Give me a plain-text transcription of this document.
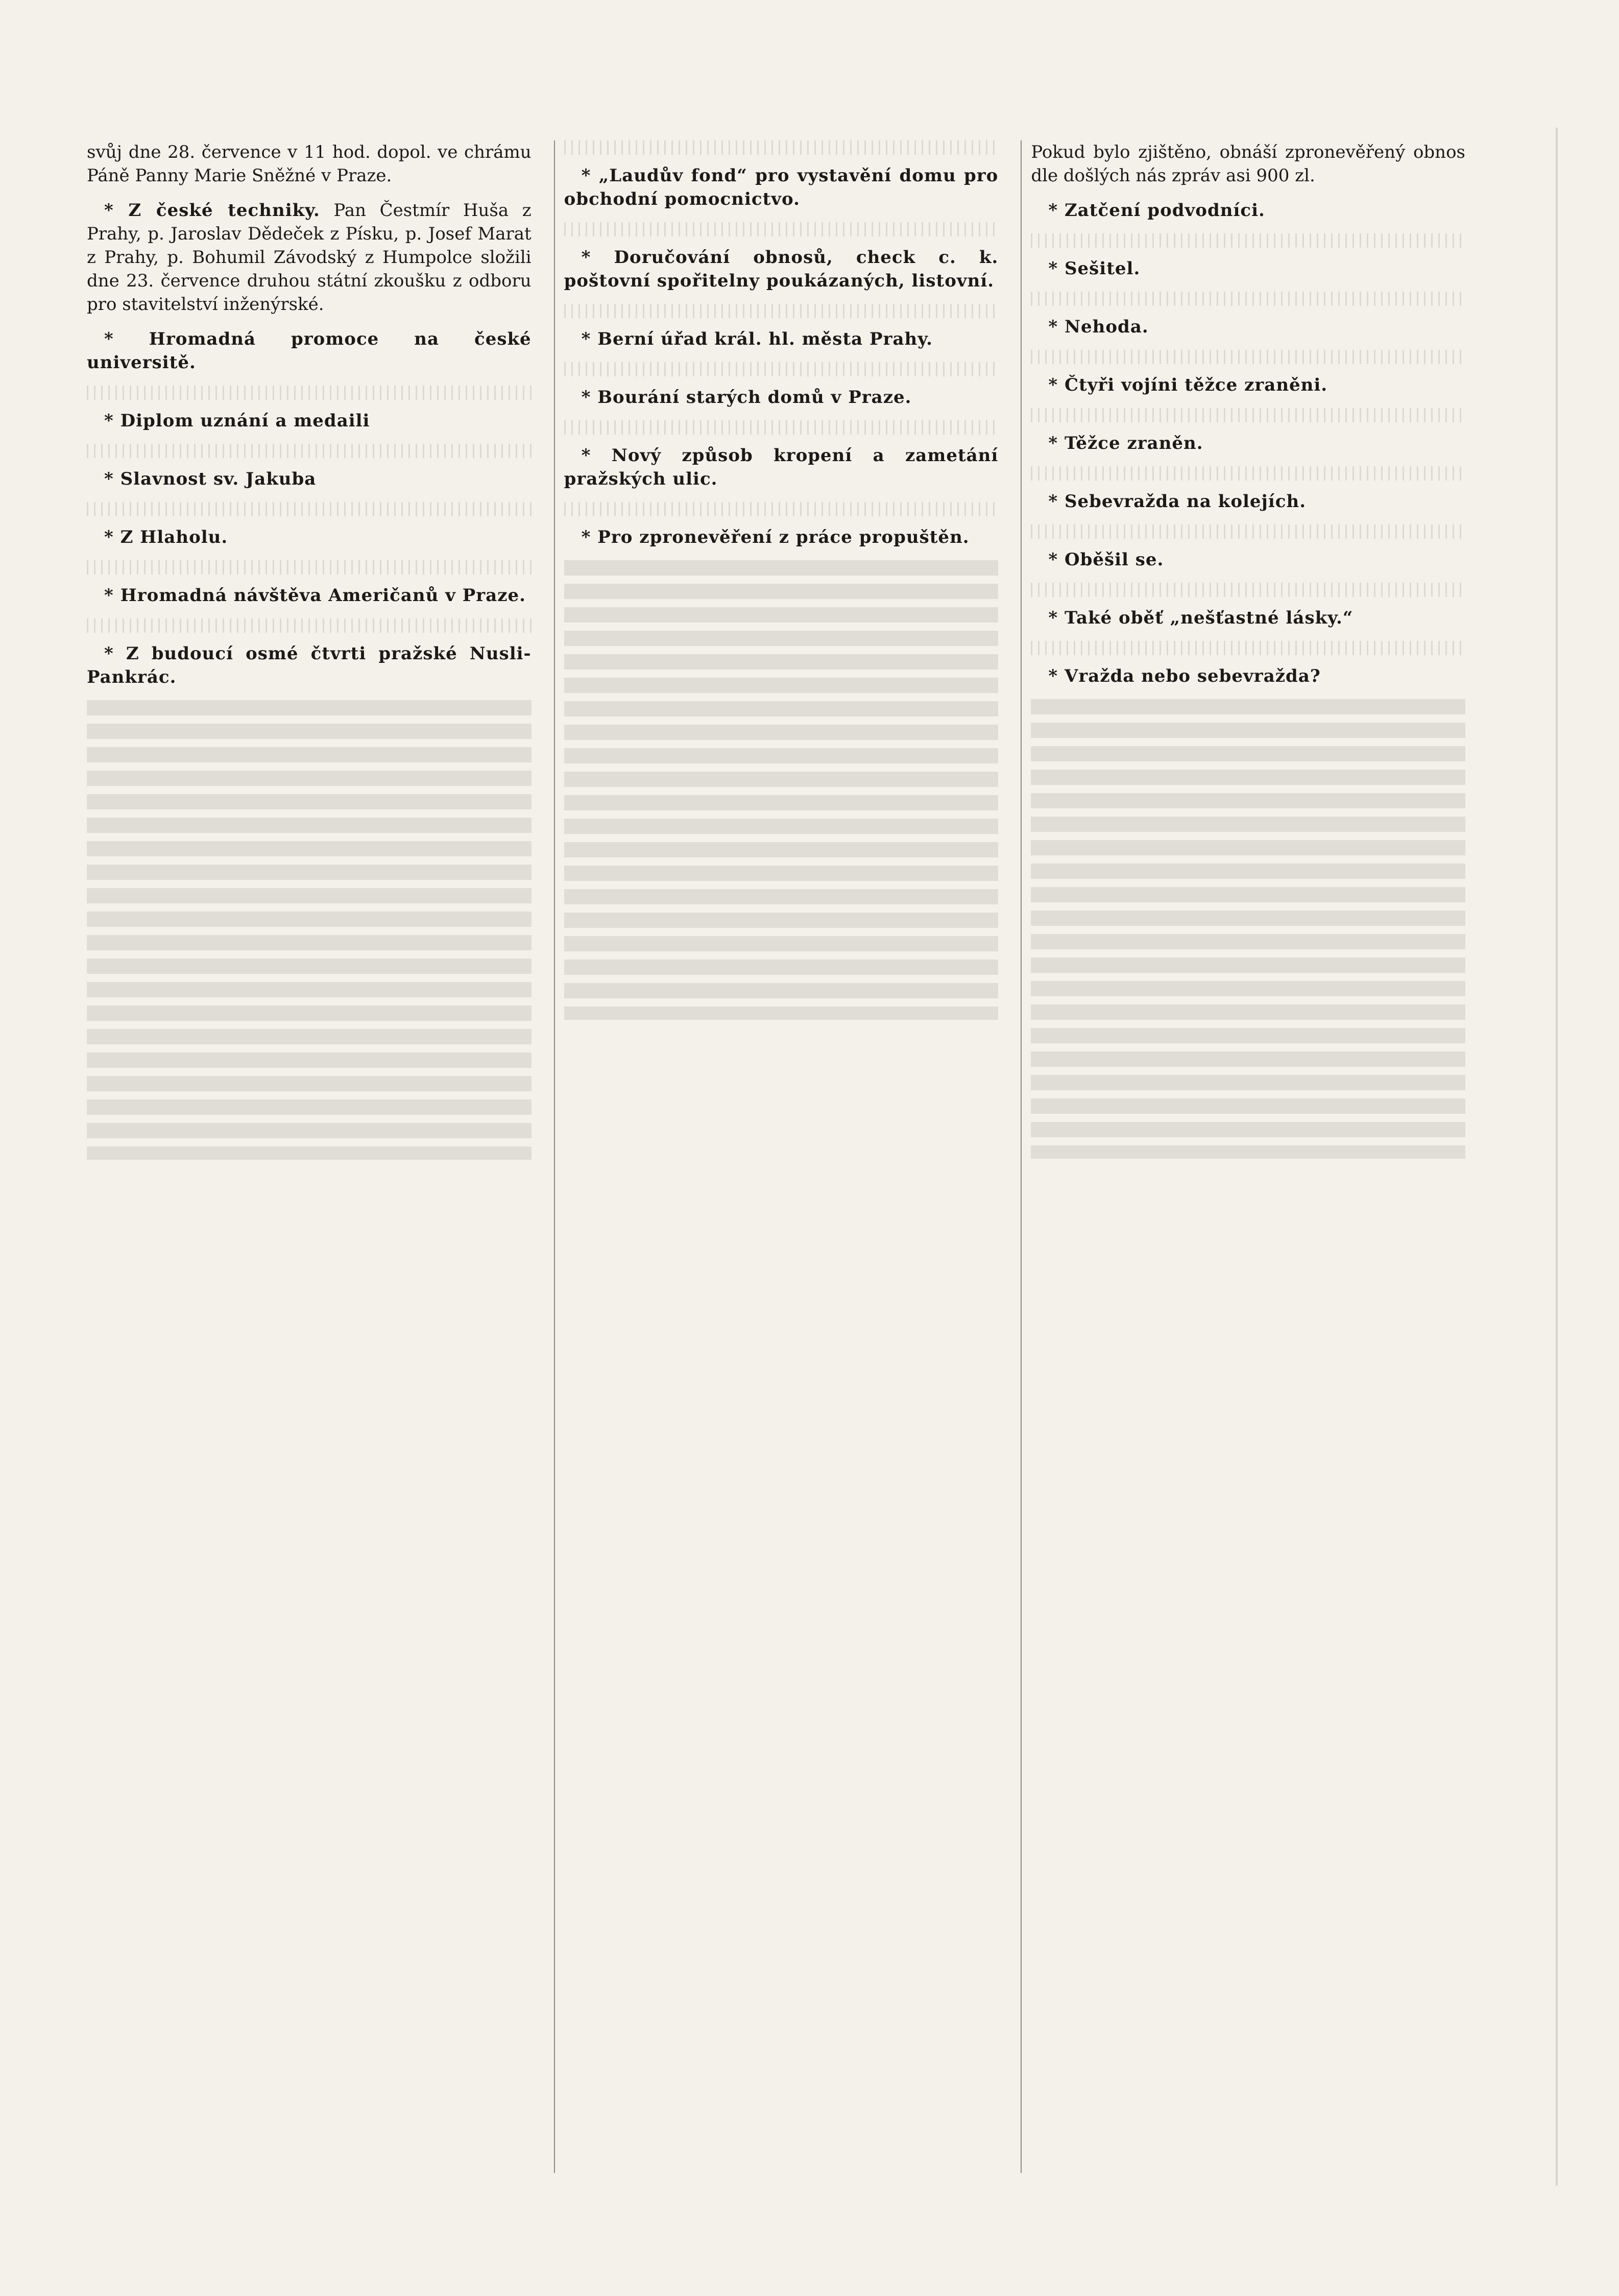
svůj dne 28. července v 11 hod. dopol. ve chrámu Páně Panny Marie Sněžné v Praze.

* Z české techniky. Pan Čestmír Huša z Prahy, p. Jaroslav Dědeček z Písku, p. Josef Marat z Prahy, p. Bohumil Závodský z Humpolce složili dne 23. července druhou státní zkoušku z odboru pro stavitelství inženýrské.

* Hromadná promoce na české universitě.

* Diplom uznání a medaili

* Slavnost sv. Jakuba

* Z Hlaholu.

* Hromadná návštěva Američanů v Praze.

* Z budoucí osmé čtvrti pražské Nusli-Pankrác.

* „Laudův fond“ pro vystavění domu pro obchodní pomocnictvo.

* Doručování obnosů, check c. k. poštovní spořitelny poukázaných, listovní.

* Berní úřad král. hl. města Prahy.

* Bourání starých domů v Praze.

* Nový způsob kropení a zametání pražských ulic.

* Pro zpronevěření z práce propuštěn.

Pokud bylo zjištěno, obnáší zpronevěřený obnos dle došlých nás zpráv asi 900 zl.

* Zatčení podvodníci.

* Sešitel.

* Nehoda.

* Čtyři vojíni těžce zraněni.

* Těžce zraněn.

* Sebevražda na kolejích.

* Oběšil se.

* Také oběť „nešťastné lásky.“

* Vražda nebo sebevražda?
